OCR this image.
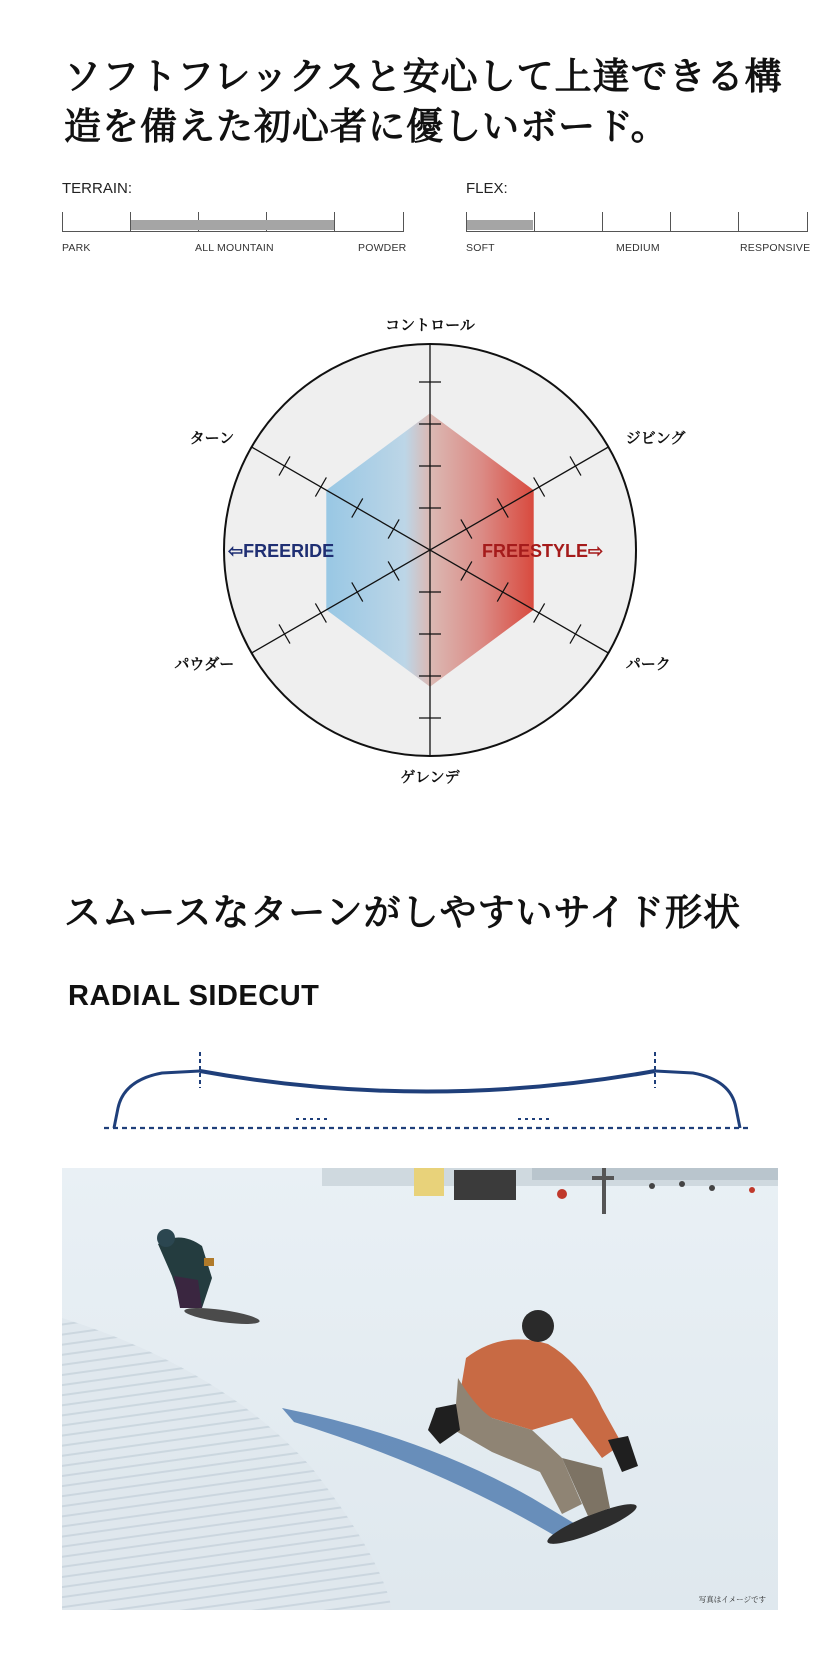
ソフトフレックスと安心して上達できる構造を備えた初心者に優しいボード。
TERRAIN:
PARK	ALL MOUNTAIN	POWDER
FLEX:
SOFT	MEDIUM	RESPONSIVE
コントロール
ジビング
パーク
ゲレンデ
パウダー
ターン
⇦FREERIDE	FREESTYLE⇨
スムースなターンがしやすいサイド形状
RADIAL SIDECUT
写真はイメージです
